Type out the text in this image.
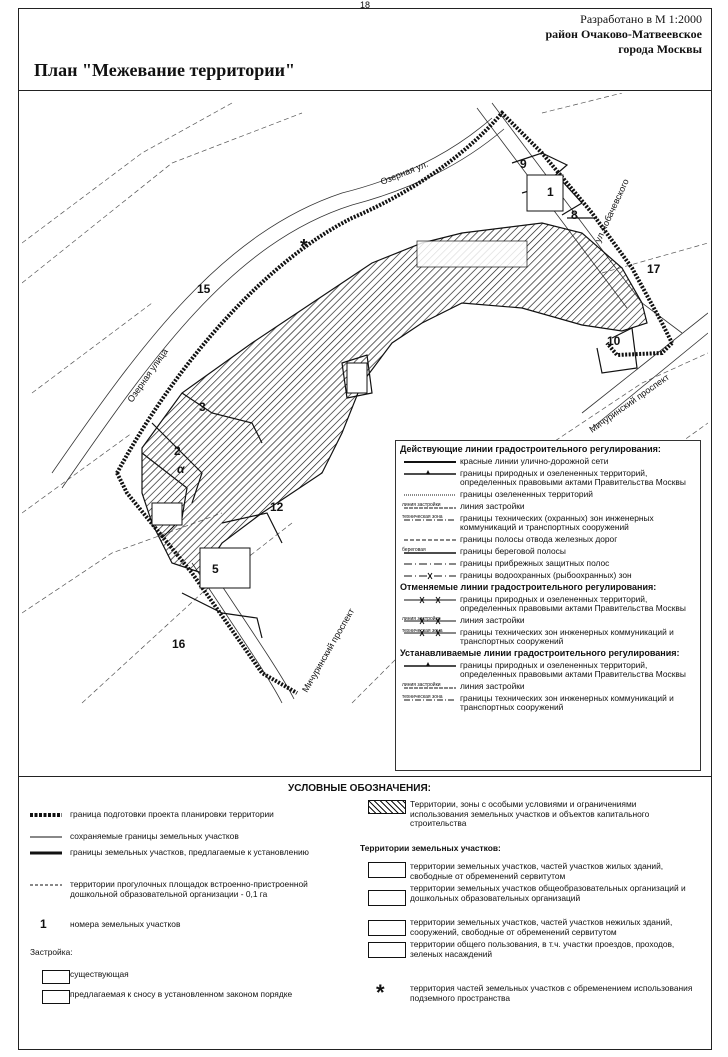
18
Разработано в М 1:2000
район Очаково-Матвеевское
города Москвы
План "Межевание территории"
Озерная ул.
ул.Лобачевского
Мичуринский проспект
Мичуринский проспект
Озерная улица
1
2
3
5
8
9
10
12
15
16
17
α
*
Действующие линии градостроительного регулирования:
красные линии улично-дорожной сети
границы природных и озелененных территорий, определенных правовыми актами Правительства Москвы
границы озелененных территорий
линия застройки линия застройки
техническая зона границы технических (охранных) зон инженерных коммуникаций и транспортных сооружений
границы полосы отвода железных дорог
береговая	границы береговой полосы
границы прибрежных защитных полос
границы водоохранных (рыбоохранных) зон
Отменяемые линии градостроительного регулирования:
границы природных и озелененных территорий, определенных правовыми актами Правительства Москвы
линия застройки линия застройки
техническая зона границы технических зон инженерных коммуникаций и транспортных сооружений
Устанавливаемые линии градостроительного регулирования:
границы природных и озелененных территорий, определенных правовыми актами Правительства Москвы
линия застройки линия застройки
техническая зона границы технических зон инженерных коммуникаций и транспортных сооружений
УСЛОВНЫЕ ОБОЗНАЧЕНИЯ:
граница подготовки проекта планировки территории
сохраняемые границы земельных участков
границы земельных участков, предлагаемые к установлению
территории прогулочных площадок встроенно-пристроенной дошкольной образовательной организации - 0,1 га
1	номера земельных участков
Застройка:
существующая
предлагаемая к сносу в установленном законом порядке
Территории, зоны с особыми условиями и ограничениями использования земельных участков и объектов капитального строительства
Территории земельных участков:
территории земельных участков, частей участков жилых зданий, свободные от обременений сервитутом
территории земельных участков общеобразовательных организаций и дошкольных образовательных организаций
территории земельных участков, частей участков нежилых зданий, сооружений, свободные от обременений сервитутом
территории общего пользования, в т.ч. участки проездов, проходов, зеленых насаждений
*	территория частей земельных участков с обременением использования подземного пространства
